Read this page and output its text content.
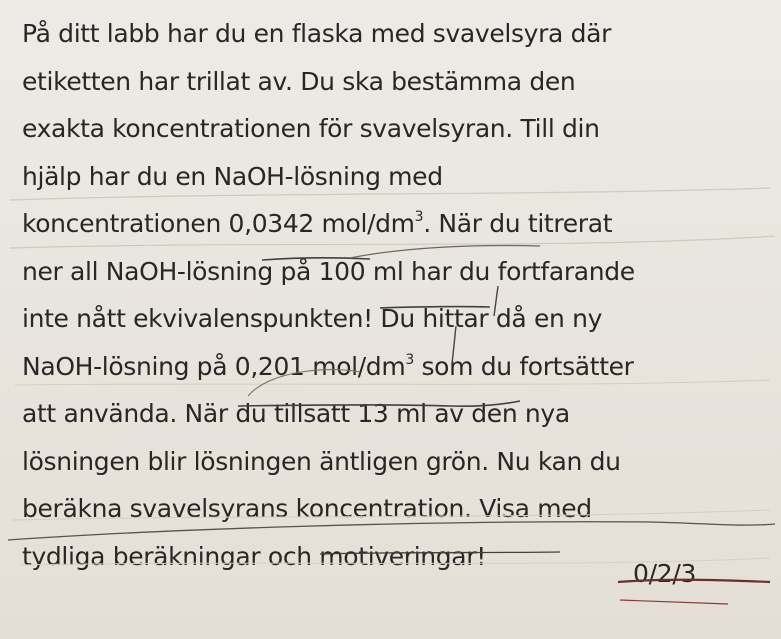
På ditt labb har du en flaska med svavelsyra där
etiketten har trillat av. Du ska bestämma den
exakta koncentrationen för svavelsyran. Till din
hjälp har du en NaOH-lösning med
koncentrationen 0,0342 mol/$dm^3$. När du titrerat
ner all NaOH-lösning på 100 ml har du fortfarande
inte nått ekvivalenspunkten! Du hittar då en ny
NaOH-lösning på 0,201 mol/$dm^3$ som du fortsätter
att använda. När du tillsatt 13 ml av den nya
lösningen blir lösningen äntligen grön. Nu kan du
beräkna svavelsyrans koncentration. Visa med
tydliga beräkningar och motiveringar!
0/2/3
